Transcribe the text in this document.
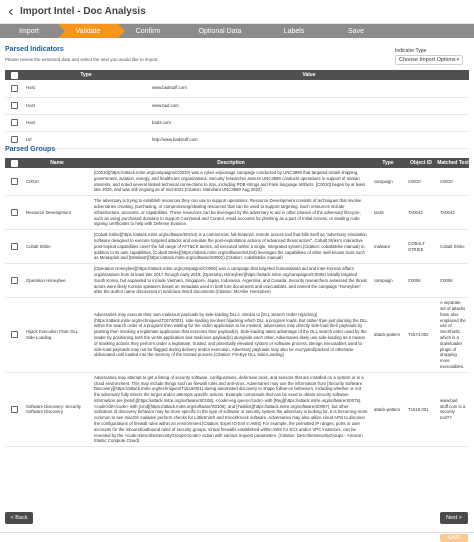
Import Intel - Doc Analysis
Import	Validate	Confirm	Optional Data	Labels	Save
Parsed Indicators
Please review the extracted data and select the intel you would like to import.
Indicator Type
Choose Import Options ▾
	Type	Value
	Host	www.badstuff.com
	Host	www.bad.com
	Host	bad3.com
	Url	http://www.badstuff.com
Parsed Groups
	Name	Description	Type	Object ID	Matched Text
	C0010	[C0010](https://attack.mitre.org/campaigns/C0010) was a cyber espionage campaign conducted by UNC3890 that targeted Israeli shipping, government, aviation, energy, and healthcare organizations. Security researcher assess UNC3890 conducts operations in support of Iranian interests, and noted several limited technical connections to Iran, including PDB strings and Farsi language artifacts. [C0010] began by at least late 2020, and was still ongoing as of mid-2022.(Citation: Mandiant UNC3890 Aug 2022)	campaign	C0010	C0010
	Resource Development	The adversary is trying to establish resources they can use to support operations. Resource Development consists of techniques that involve adversaries creating, purchasing, or compromising/stealing resources that can be used to support targeting. Such resources include infrastructure, accounts, or capabilities. These resources can be leveraged by the adversary to aid in other phases of the adversary lifecycle, such as using purchased domains to support Command and Control, email accounts for phishing as a part of Initial Access, or stealing code signing certificates to help with Defense Evasion.	tactic	TA0042	TA0042
	Cobalt Strike	[Cobalt Strike](https://attack.mitre.org/software/S0154) is a commercial, full-featured, remote access tool that bills itself as "adversary simulation software designed to execute targeted attacks and emulate the post-exploitation actions of advanced threat actors". Cobalt Strike's interactive post-exploit capabilities cover the full range of ATT&CK tactics, all executed within a single, integrated system.(Citation: cobaltstrike manual) In addition to its own capabilities, [Cobalt Strike](https://attack.mitre.org/software/S0154) leverages the capabilities of other well-known tools such as Metasploit and [Mimikatz](https://attack.mitre.org/software/S0002).(Citation: cobaltstrike manual)	malware	COBALT STRIKE	Cobalt Strike
	Operation Honeybee	[Operation Honeybee](https://attack.mitre.org/campaigns/C0006) was a campaign that targeted humanitarian aid and inter-Korean affairs organizations from at least late 2017 through early 2018. [Operation Honeybee](https://attack.mitre.org/campaigns/C0006) initially targeted South Korea, but expanded to include Vietnam, Singapore, Japan, Indonesia, Argentina, and Canada. Security researchers assessed the threat actors were likely Korean speakers based on metadata used in both lure documents and executables, and named the campaign "Honeybee" after the author name discovered in malicious Word documents.(Citation: McAfee Honeybee)	campaign	C0006	C0006
	Hijack Execution Flow: DLL Side-Loading	Adversaries may execute their own malicious payloads by side-loading DLLs. Similar to [DLL Search Order Hijacking](https://attack.mitre.org/techniques/T1574/001), side-loading involves hijacking which DLL a program loads. But rather than just planting the DLL within the search order of a program then waiting for the victim application to be invoked, adversaries may directly side-load their payloads by planting then invoking a legitimate application that executes their payload(s). Side-loading takes advantage of the DLL search order used by the loader by positioning both the victim application and malicious payload(s) alongside each other. Adversaries likely use side-loading as a means of masking actions they perform under a legitimate, trusted, and potentially elevated system or software process. Benign executables used to side-load payloads may not be flagged during delivery and/or execution. Adversary payloads may also be encrypted/packed or otherwise obfuscated until loaded into the memory of the trusted process.(Citation: FireEye DLL Side-Loading)	attack-pattern	T1574.002	A separate set of attacks have also emplaced the use of SecShield, which is a downloader plugin of dropping more executables.
	Software Discovery: Security Software Discovery	Adversaries may attempt to get a listing of security software, configurations, defensive tools, and sensors that are installed on a system or in a cloud environment. This may include things such as firewall rules and anti-virus. Adversaries may use the information from [Security Software Discovery](https://attack.mitre.org/techniques/T1518/001) during automated discovery to shape follow-on behaviors, including whether or not the adversary fully infects the target and/or attempts specific actions. Example commands that can be used to obtain security software information are [netsh](https://attack.mitre.org/software/S0108), <code>reg query</code> with [Reg](https://attack.mitre.org/software/S0075), <code>dir</code> with [cmd](https://attack.mitre.org/software/S0106), and [Tasklist](https://attack.mitre.org/software/S0057), but other indicators of discovery behavior may be more specific to the type of software or security system the adversary is looking for. It is becoming more common to see macOS malware perform checks for LittleSnitch and KnockKnock software. Adversaries may also utilize cloud APIs to discover the configurations of firewall rules within an environment.(Citation: Expel IO Evil in AWS) For example, the permitted IP ranges, ports or user accounts for the inbound/outbound rules of security groups, virtual firewalls established within AWS for EC2 and/or VPC instances, can be revealed by the <code>DescribeSecurityGroups</code> action with various request parameters. (Citation: DescribeSecurityGroups - Amazon Elastic Compute Cloud)	attack-pattern	T1518.001	www.bad stuff.com is a security tool??
< Back	Next >
SAVE
